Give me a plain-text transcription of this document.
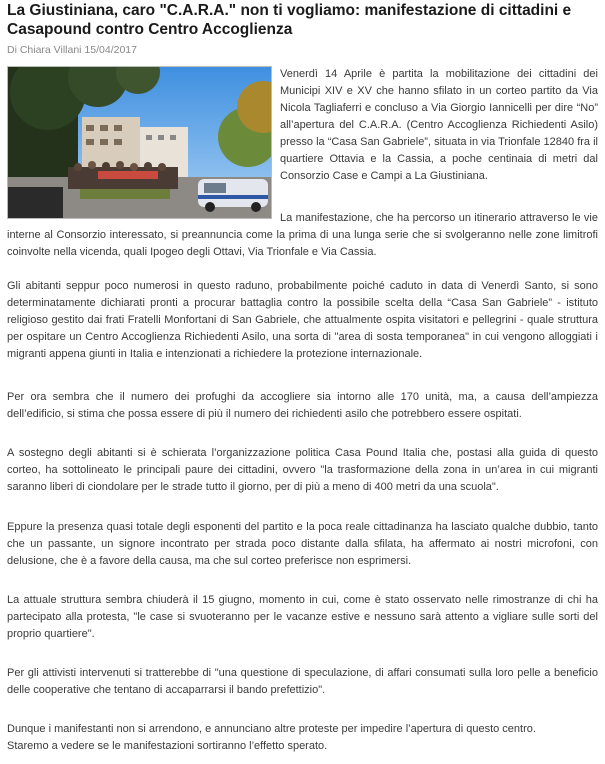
La Giustiniana, caro "C.A.R.A." non ti vogliamo: manifestazione di cittadini e Casapound contro Centro Accoglienza
Di Chiara Villani 15/04/2017

Venerdì 14 Aprile è partita la mobilitazione dei cittadini dei Municipi XIV e XV che hanno sfilato in un corteo partito da Via Nicola Tagliaferri e concluso a Via Giorgio Iannicelli per dire “No” all’apertura del C.A.R.A. (Centro Accoglienza Richiedenti Asilo) presso la “Casa San Gabriele”, situata in via Trionfale 12840 fra il quartiere Ottavia e la Cassia, a poche centinaia di metri dal Consorzio Case e Campi a La Giustiniana.

La manifestazione, che ha percorso un itinerario attraverso le vie interne al Consorzio interessato, si preannuncia come la prima di una lunga serie che si svolgeranno nelle zone limitrofi coinvolte nella vicenda, quali Ipogeo degli Ottavi, Via Trionfale e Via Cassia.

Gli abitanti seppur poco numerosi in questo raduno, probabilmente poiché caduto in data di Venerdì Santo, si sono determinatamente dichiarati pronti a procurar battaglia contro la possibile scelta della “Casa San Gabriele” - istituto religioso gestito dai frati Fratelli Monfortani di San Gabriele, che attualmente ospita visitatori e pellegrini - quale struttura per ospitare un Centro Accoglienza Richiedenti Asilo, una sorta di "area di sosta temporanea" in cui vengono alloggiati i migranti appena giunti in Italia e intenzionati a richiedere la protezione internazionale.

Per ora sembra che il numero dei profughi da accogliere sia intorno alle 170 unità, ma, a causa dell’ampiezza dell’edificio, si stima che possa essere di più il numero dei richiedenti asilo che potrebbero essere ospitati.

A sostegno degli abitanti si è schierata l’organizzazione politica Casa Pound Italia che, postasi alla guida di questo corteo, ha sottolineato le principali paure dei cittadini, ovvero "la trasformazione della zona in un’area in cui migranti saranno liberi di ciondolare per le strade tutto il giorno, per di più a meno di 400 metri da una scuola".

Eppure la presenza quasi totale degli esponenti del partito e la poca reale cittadinanza ha lasciato qualche dubbio, tanto che un passante, un signore incontrato per strada poco distante dalla sfilata, ha affermato ai nostri microfoni, con delusione, che è a favore della causa, ma che sul corteo preferisce non esprimersi.

La attuale struttura sembra chiuderà il 15 giugno, momento in cui, come è stato osservato nelle rimostranze di chi ha partecipato alla protesta, "le case si svuoteranno per le vacanze estive e nessuno sarà attento a vigliare sulle sorti del proprio quartiere".

Per gli attivisti intervenuti si tratterebbe di "una questione di speculazione, di affari consumati sulla loro pelle a beneficio delle cooperative che tentano di accaparrarsi il bando prefettizio".

Dunque i manifestanti non si arrendono, e annunciano altre proteste per impedire l’apertura di questo centro.

Staremo a vedere se le manifestazioni sortiranno l’effetto sperato.
